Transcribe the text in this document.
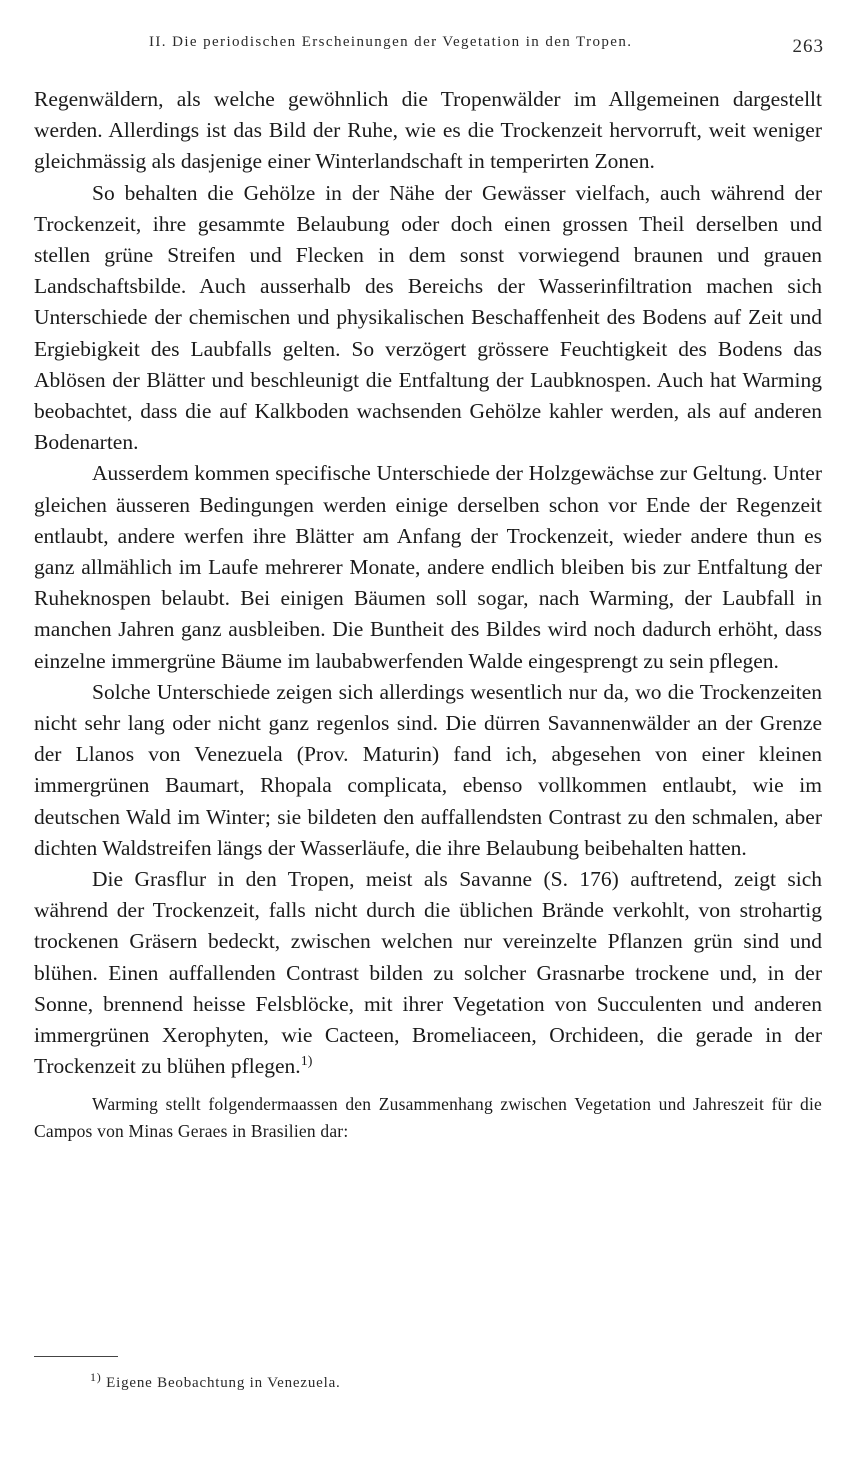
II. Die periodischen Erscheinungen der Vegetation in den Tropen.	263

Regenwäldern, als welche gewöhnlich die Tropenwälder im Allgemeinen dargestellt werden. Allerdings ist das Bild der Ruhe, wie es die Trockenzeit hervorruft, weit weniger gleichmässig als dasjenige einer Winterlandschaft in temperirten Zonen.

So behalten die Gehölze in der Nähe der Gewässer vielfach, auch während der Trockenzeit, ihre gesammte Belaubung oder doch einen grossen Theil derselben und stellen grüne Streifen und Flecken in dem sonst vorwiegend braunen und grauen Landschaftsbilde. Auch ausserhalb des Bereichs der Wasserinfiltration machen sich Unterschiede der chemischen und physikalischen Beschaffenheit des Bodens auf Zeit und Ergiebigkeit des Laubfalls gelten. So verzögert grössere Feuchtigkeit des Bodens das Ablösen der Blätter und beschleunigt die Entfaltung der Laubknospen. Auch hat Warming beobachtet, dass die auf Kalkboden wachsenden Gehölze kahler werden, als auf anderen Bodenarten.

Ausserdem kommen specifische Unterschiede der Holzgewächse zur Geltung. Unter gleichen äusseren Bedingungen werden einige derselben schon vor Ende der Regenzeit entlaubt, andere werfen ihre Blätter am Anfang der Trockenzeit, wieder andere thun es ganz allmählich im Laufe mehrerer Monate, andere endlich bleiben bis zur Entfaltung der Ruheknospen belaubt. Bei einigen Bäumen soll sogar, nach Warming, der Laubfall in manchen Jahren ganz ausbleiben. Die Buntheit des Bildes wird noch dadurch erhöht, dass einzelne immergrüne Bäume im laubabwerfenden Walde eingesprengt zu sein pflegen.

Solche Unterschiede zeigen sich allerdings wesentlich nur da, wo die Trockenzeiten nicht sehr lang oder nicht ganz regenlos sind. Die dürren Savannenwälder an der Grenze der Llanos von Venezuela (Prov. Maturin) fand ich, abgesehen von einer kleinen immergrünen Baumart, Rhopala complicata, ebenso vollkommen entlaubt, wie im deutschen Wald im Winter; sie bildeten den auffallendsten Contrast zu den schmalen, aber dichten Waldstreifen längs der Wasserläufe, die ihre Belaubung beibehalten hatten.

Die Grasflur in den Tropen, meist als Savanne (S. 176) auftretend, zeigt sich während der Trockenzeit, falls nicht durch die üblichen Brände verkohlt, von strohartig trockenen Gräsern bedeckt, zwischen welchen nur vereinzelte Pflanzen grün sind und blühen. Einen auffallenden Contrast bilden zu solcher Grasnarbe trockene und, in der Sonne, brennend heisse Felsblöcke, mit ihrer Vegetation von Succulenten und anderen immergrünen Xerophyten, wie Cacteen, Bromeliaceen, Orchideen, die gerade in der Trockenzeit zu blühen pflegen.$^{1)}$

Warming stellt folgendermaassen den Zusammenhang zwischen Vegetation und Jahreszeit für die Campos von Minas Geraes in Brasilien dar:

$^{1)}$ Eigene Beobachtung in Venezuela.
